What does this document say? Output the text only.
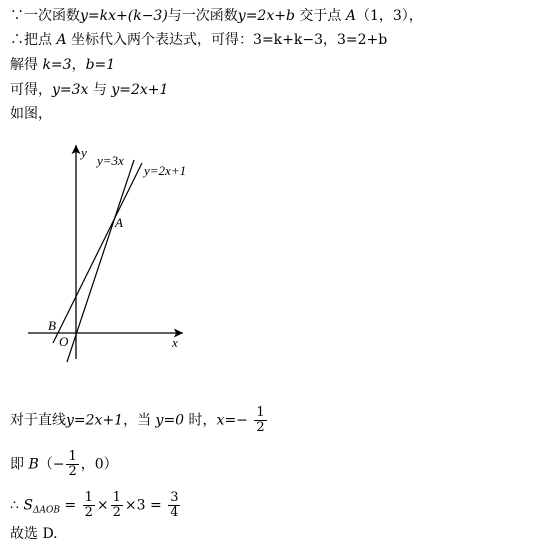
∵一次函数y=kx+(k−3)与一次函数y=2x+b 交于点 A（1，3），
∴把点 A 坐标代入两个表达式，可得：3=k+k−3，3=2+b
解得 k=3，b=1
可得，y=3x 与 y=2x+1
如图，
y
x
O
A
B
y=3x
y=2x+1
对于直线y=2x+1，当 y=0 时，$x=- \frac{1}{2}$
即 $B(- \frac{1}{2}$ ，0）
∴ $S_{\Delta AOB} = \frac{1}{2} \times \frac{1}{2} \times 3 = \frac{3}{4}$
故选 D.
